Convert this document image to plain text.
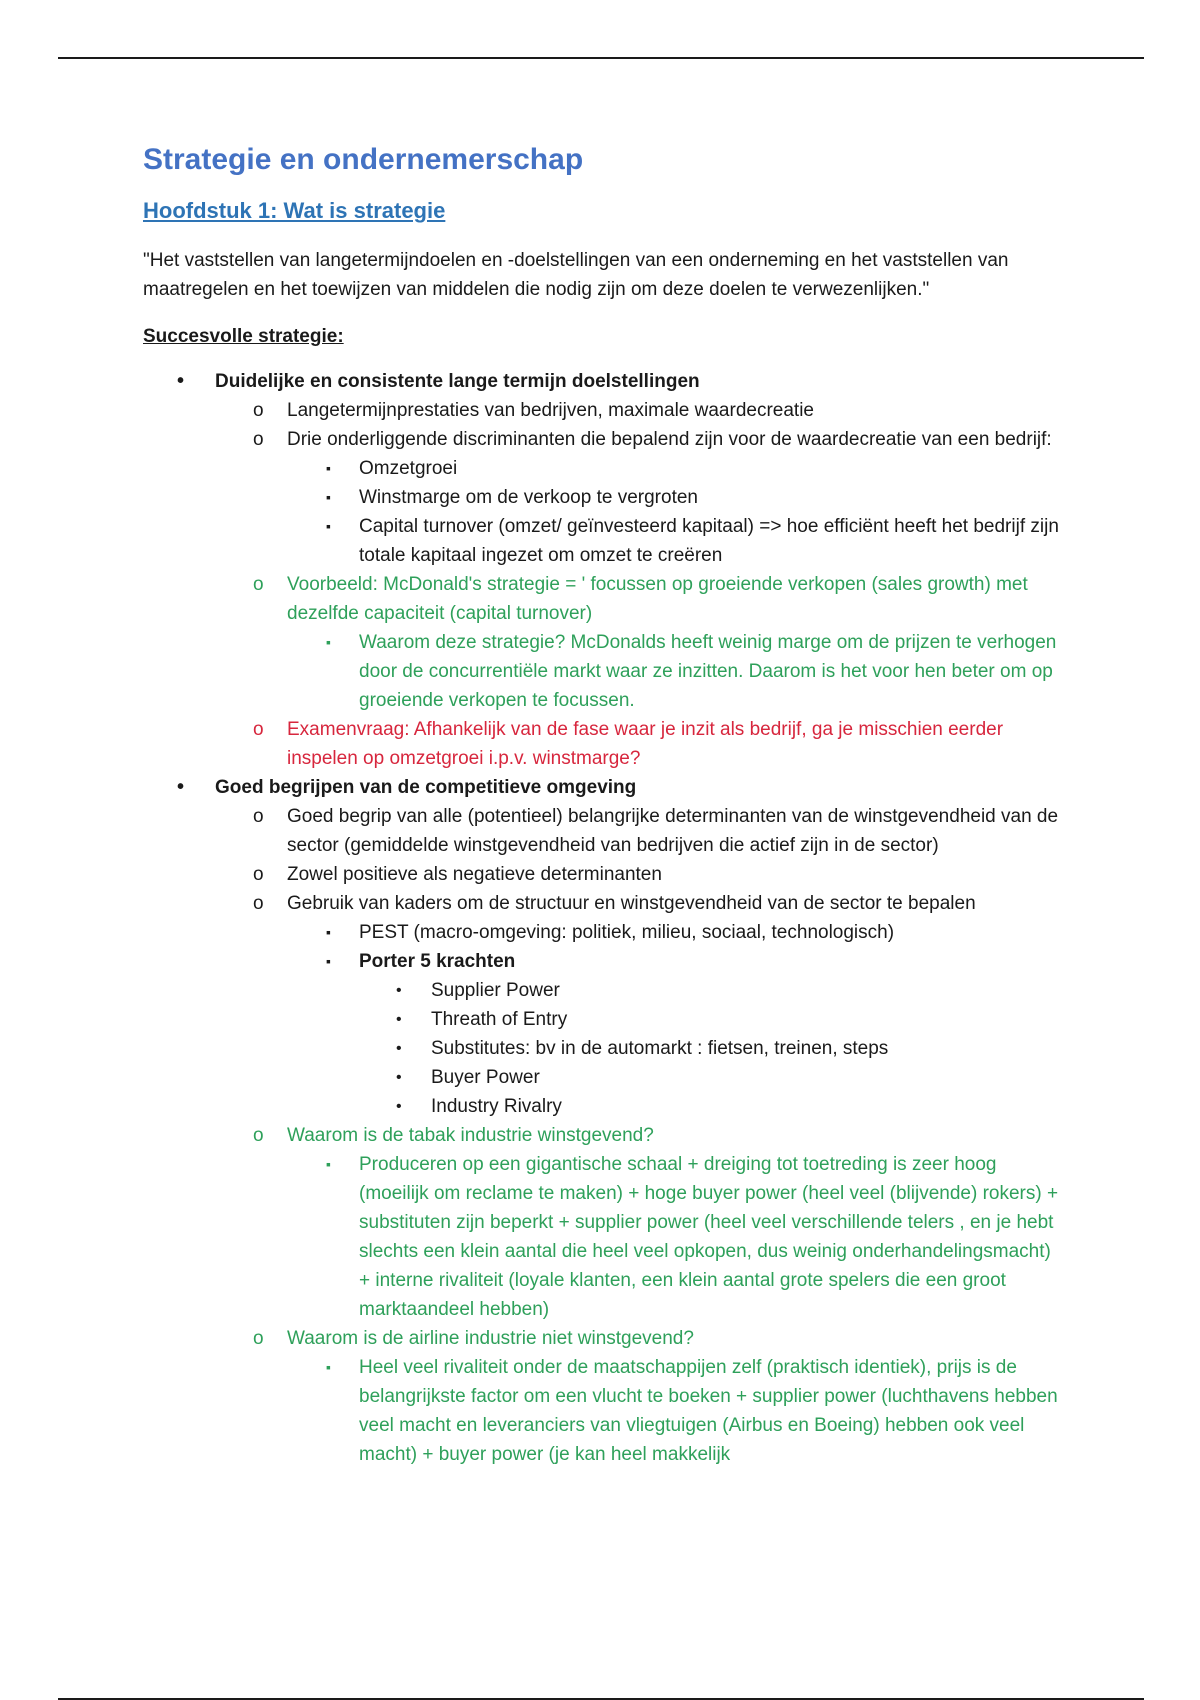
Strategie en ondernemerschap
Hoofdstuk 1: Wat is strategie

"Het vaststellen van langetermijndoelen en -doelstellingen van een onderneming en het vaststellen van maatregelen en het toewijzen van middelen die nodig zijn om deze doelen te verwezenlijken."

Succesvolle strategie:

• Duidelijke en consistente lange termijn doelstellingen
o Langetermijnprestaties van bedrijven, maximale waardecreatie
o Drie onderliggende discriminanten die bepalend zijn voor de waardecreatie van een bedrijf:
▪ Omzetgroei
▪ Winstmarge om de verkoop te vergroten
▪ Capital turnover (omzet/ geïnvesteerd kapitaal) => hoe efficiënt heeft het bedrijf zijn totale kapitaal ingezet om omzet te creëren
o Voorbeeld: McDonald's strategie = ' focussen op groeiende verkopen (sales growth) met dezelfde capaciteit (capital turnover)
▪ Waarom deze strategie? McDonalds heeft weinig marge om de prijzen te verhogen door de concurrentiële markt waar ze inzitten. Daarom is het voor hen beter om op groeiende verkopen te focussen.
o Examenvraag: Afhankelijk van de fase waar je inzit als bedrijf, ga je misschien eerder inspelen op omzetgroei i.p.v. winstmarge?
• Goed begrijpen van de competitieve omgeving
o Goed begrip van alle (potentieel) belangrijke determinanten van de winstgevendheid van de sector (gemiddelde winstgevendheid van bedrijven die actief zijn in de sector)
o Zowel positieve als negatieve determinanten
o Gebruik van kaders om de structuur en winstgevendheid van de sector te bepalen
▪ PEST (macro-omgeving: politiek, milieu, sociaal, technologisch)
▪ Porter 5 krachten
• Supplier Power
• Threath of Entry
• Substitutes: bv in de automarkt : fietsen, treinen, steps
• Buyer Power
• Industry Rivalry
o Waarom is de tabak industrie winstgevend?
▪ Produceren op een gigantische schaal + dreiging tot toetreding is zeer hoog (moeilijk om reclame te maken) + hoge buyer power (heel veel (blijvende) rokers) + substituten zijn beperkt + supplier power (heel veel verschillende telers , en je hebt slechts een klein aantal die heel veel opkopen, dus weinig onderhandelingsmacht) + interne rivaliteit (loyale klanten, een klein aantal grote spelers die een groot marktaandeel hebben)
o Waarom is de airline industrie niet winstgevend?
▪ Heel veel rivaliteit onder de maatschappijen zelf (praktisch identiek), prijs is de belangrijkste factor om een vlucht te boeken + supplier power (luchthavens hebben veel macht en leveranciers van vliegtuigen (Airbus en Boeing) hebben ook veel macht) + buyer power (je kan heel makkelijk
